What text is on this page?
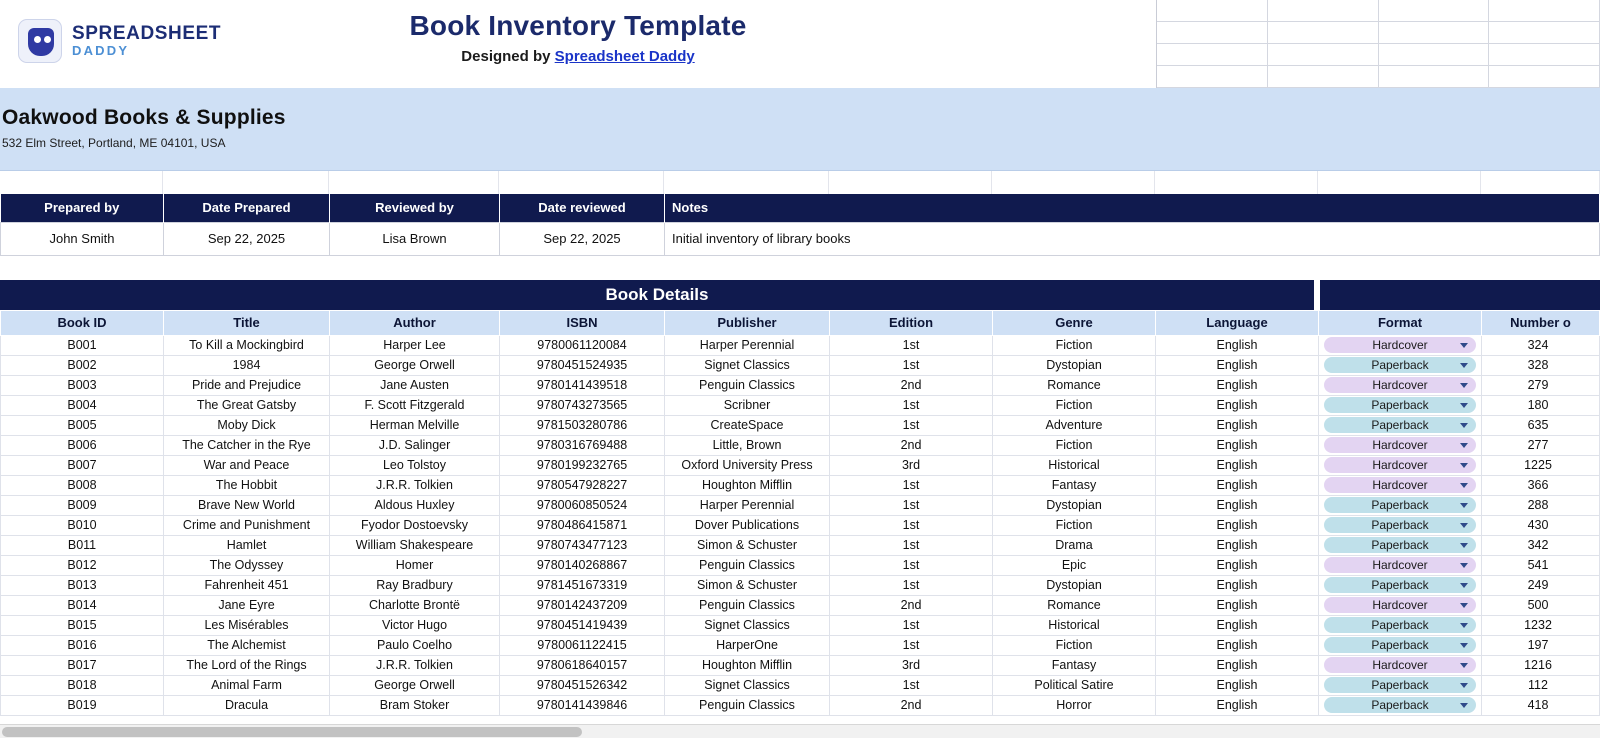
SPREADSHEET
DADDY
Book Inventory Template
Designed by Spreadsheet Daddy
Oakwood Books & Supplies
532 Elm Street, Portland, ME 04101, USA
Prepared by	Date Prepared	Reviewed by	Date reviewed	Notes
John Smith	Sep 22, 2025	Lisa Brown	Sep 22, 2025	Initial inventory of library books
Book Details
Book ID	Title	Author	ISBN	Publisher	Edition	Genre	Language	Format	Number o
B001	To Kill a Mockingbird	Harper Lee	9780061120084	Harper Perennial	1st	Fiction	English	Hardcover	324
B002	1984	George Orwell	9780451524935	Signet Classics	1st	Dystopian	English	Paperback	328
B003	Pride and Prejudice	Jane Austen	9780141439518	Penguin Classics	2nd	Romance	English	Hardcover	279
B004	The Great Gatsby	F. Scott Fitzgerald	9780743273565	Scribner	1st	Fiction	English	Paperback	180
B005	Moby Dick	Herman Melville	9781503280786	CreateSpace	1st	Adventure	English	Paperback	635
B006	The Catcher in the Rye	J.D. Salinger	9780316769488	Little, Brown	2nd	Fiction	English	Hardcover	277
B007	War and Peace	Leo Tolstoy	9780199232765	Oxford University Press	3rd	Historical	English	Hardcover	1225
B008	The Hobbit	J.R.R. Tolkien	9780547928227	Houghton Mifflin	1st	Fantasy	English	Hardcover	366
B009	Brave New World	Aldous Huxley	9780060850524	Harper Perennial	1st	Dystopian	English	Paperback	288
B010	Crime and Punishment	Fyodor Dostoevsky	9780486415871	Dover Publications	1st	Fiction	English	Paperback	430
B011	Hamlet	William Shakespeare	9780743477123	Simon & Schuster	1st	Drama	English	Paperback	342
B012	The Odyssey	Homer	9780140268867	Penguin Classics	1st	Epic	English	Hardcover	541
B013	Fahrenheit 451	Ray Bradbury	9781451673319	Simon & Schuster	1st	Dystopian	English	Paperback	249
B014	Jane Eyre	Charlotte Brontë	9780142437209	Penguin Classics	2nd	Romance	English	Hardcover	500
B015	Les Misérables	Victor Hugo	9780451419439	Signet Classics	1st	Historical	English	Paperback	1232
B016	The Alchemist	Paulo Coelho	9780061122415	HarperOne	1st	Fiction	English	Paperback	197
B017	The Lord of the Rings	J.R.R. Tolkien	9780618640157	Houghton Mifflin	3rd	Fantasy	English	Hardcover	1216
B018	Animal Farm	George Orwell	9780451526342	Signet Classics	1st	Political Satire	English	Paperback	112
B019	Dracula	Bram Stoker	9780141439846	Penguin Classics	2nd	Horror	English	Paperback	418
